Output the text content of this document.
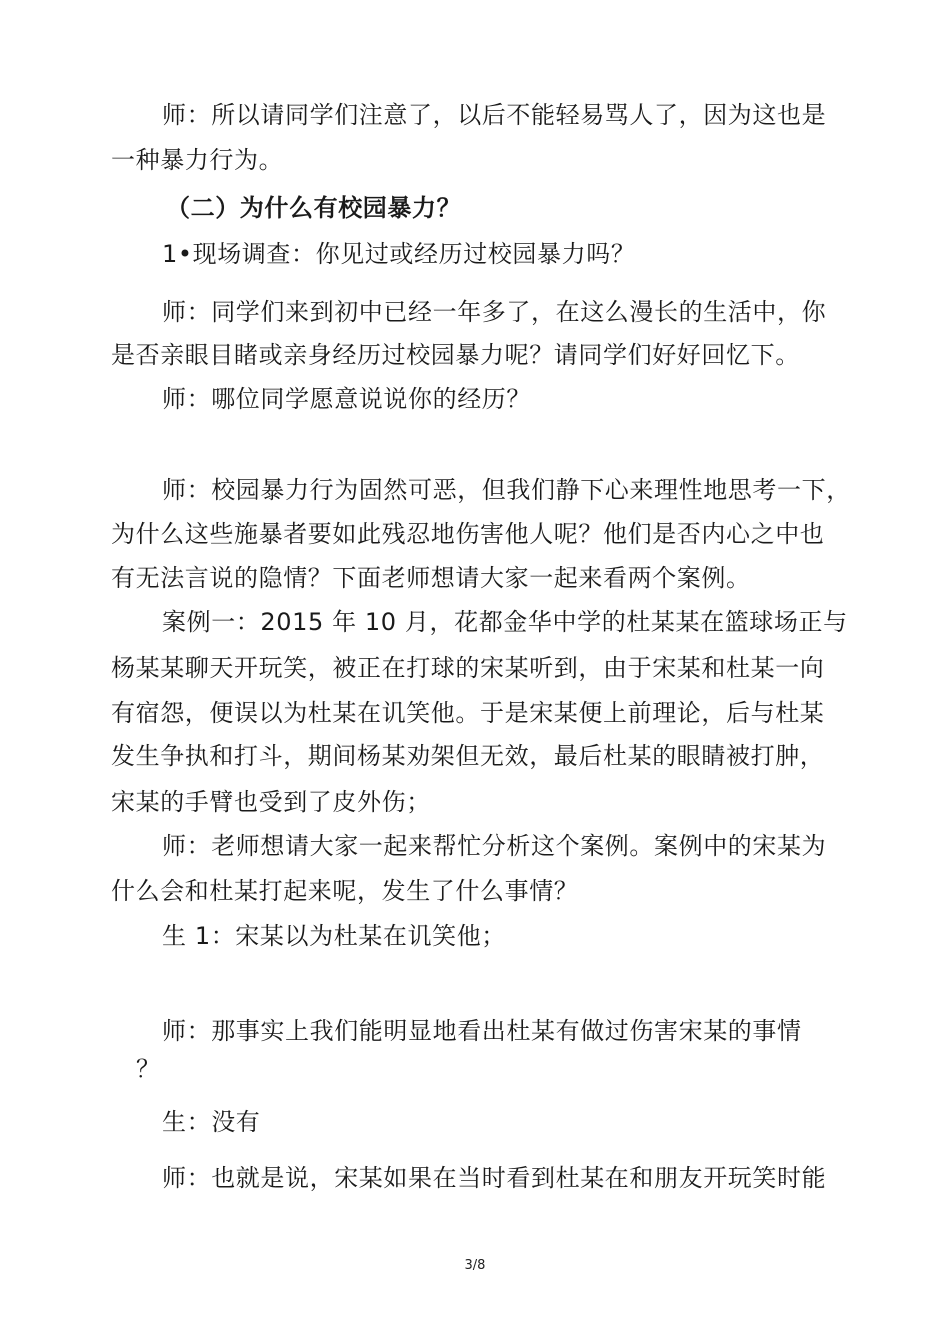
师：所以请同学们注意了，以后不能轻易骂人了，因为这也是
一种暴力行为。
（二）为什么有校园暴力？
1•现场调查：你见过或经历过校园暴力吗？
师：同学们来到初中已经一年多了，在这么漫长的生活中，你
是否亲眼目睹或亲身经历过校园暴力呢？请同学们好好回忆下。
师：哪位同学愿意说说你的经历？
师：校园暴力行为固然可恶，但我们静下心来理性地思考一下，
为什么这些施暴者要如此残忍地伤害他人呢？他们是否内心之中也
有无法言说的隐情？下面老师想请大家一起来看两个案例。
案例一：2015 年 10 月，花都金华中学的杜某某在篮球场正与
杨某某聊天开玩笑，被正在打球的宋某听到，由于宋某和杜某一向
有宿怨，便误以为杜某在讥笑他。于是宋某便上前理论，后与杜某
发生争执和打斗，期间杨某劝架但无效，最后杜某的眼睛被打肿，
宋某的手臂也受到了皮外伤；
师：老师想请大家一起来帮忙分析这个案例。案例中的宋某为
什么会和杜某打起来呢，发生了什么事情？
生 1：宋某以为杜某在讥笑他；
师：那事实上我们能明显地看出杜某有做过伤害宋某的事情
？
生：没有
师：也就是说，宋某如果在当时看到杜某在和朋友开玩笑时能
3/8
